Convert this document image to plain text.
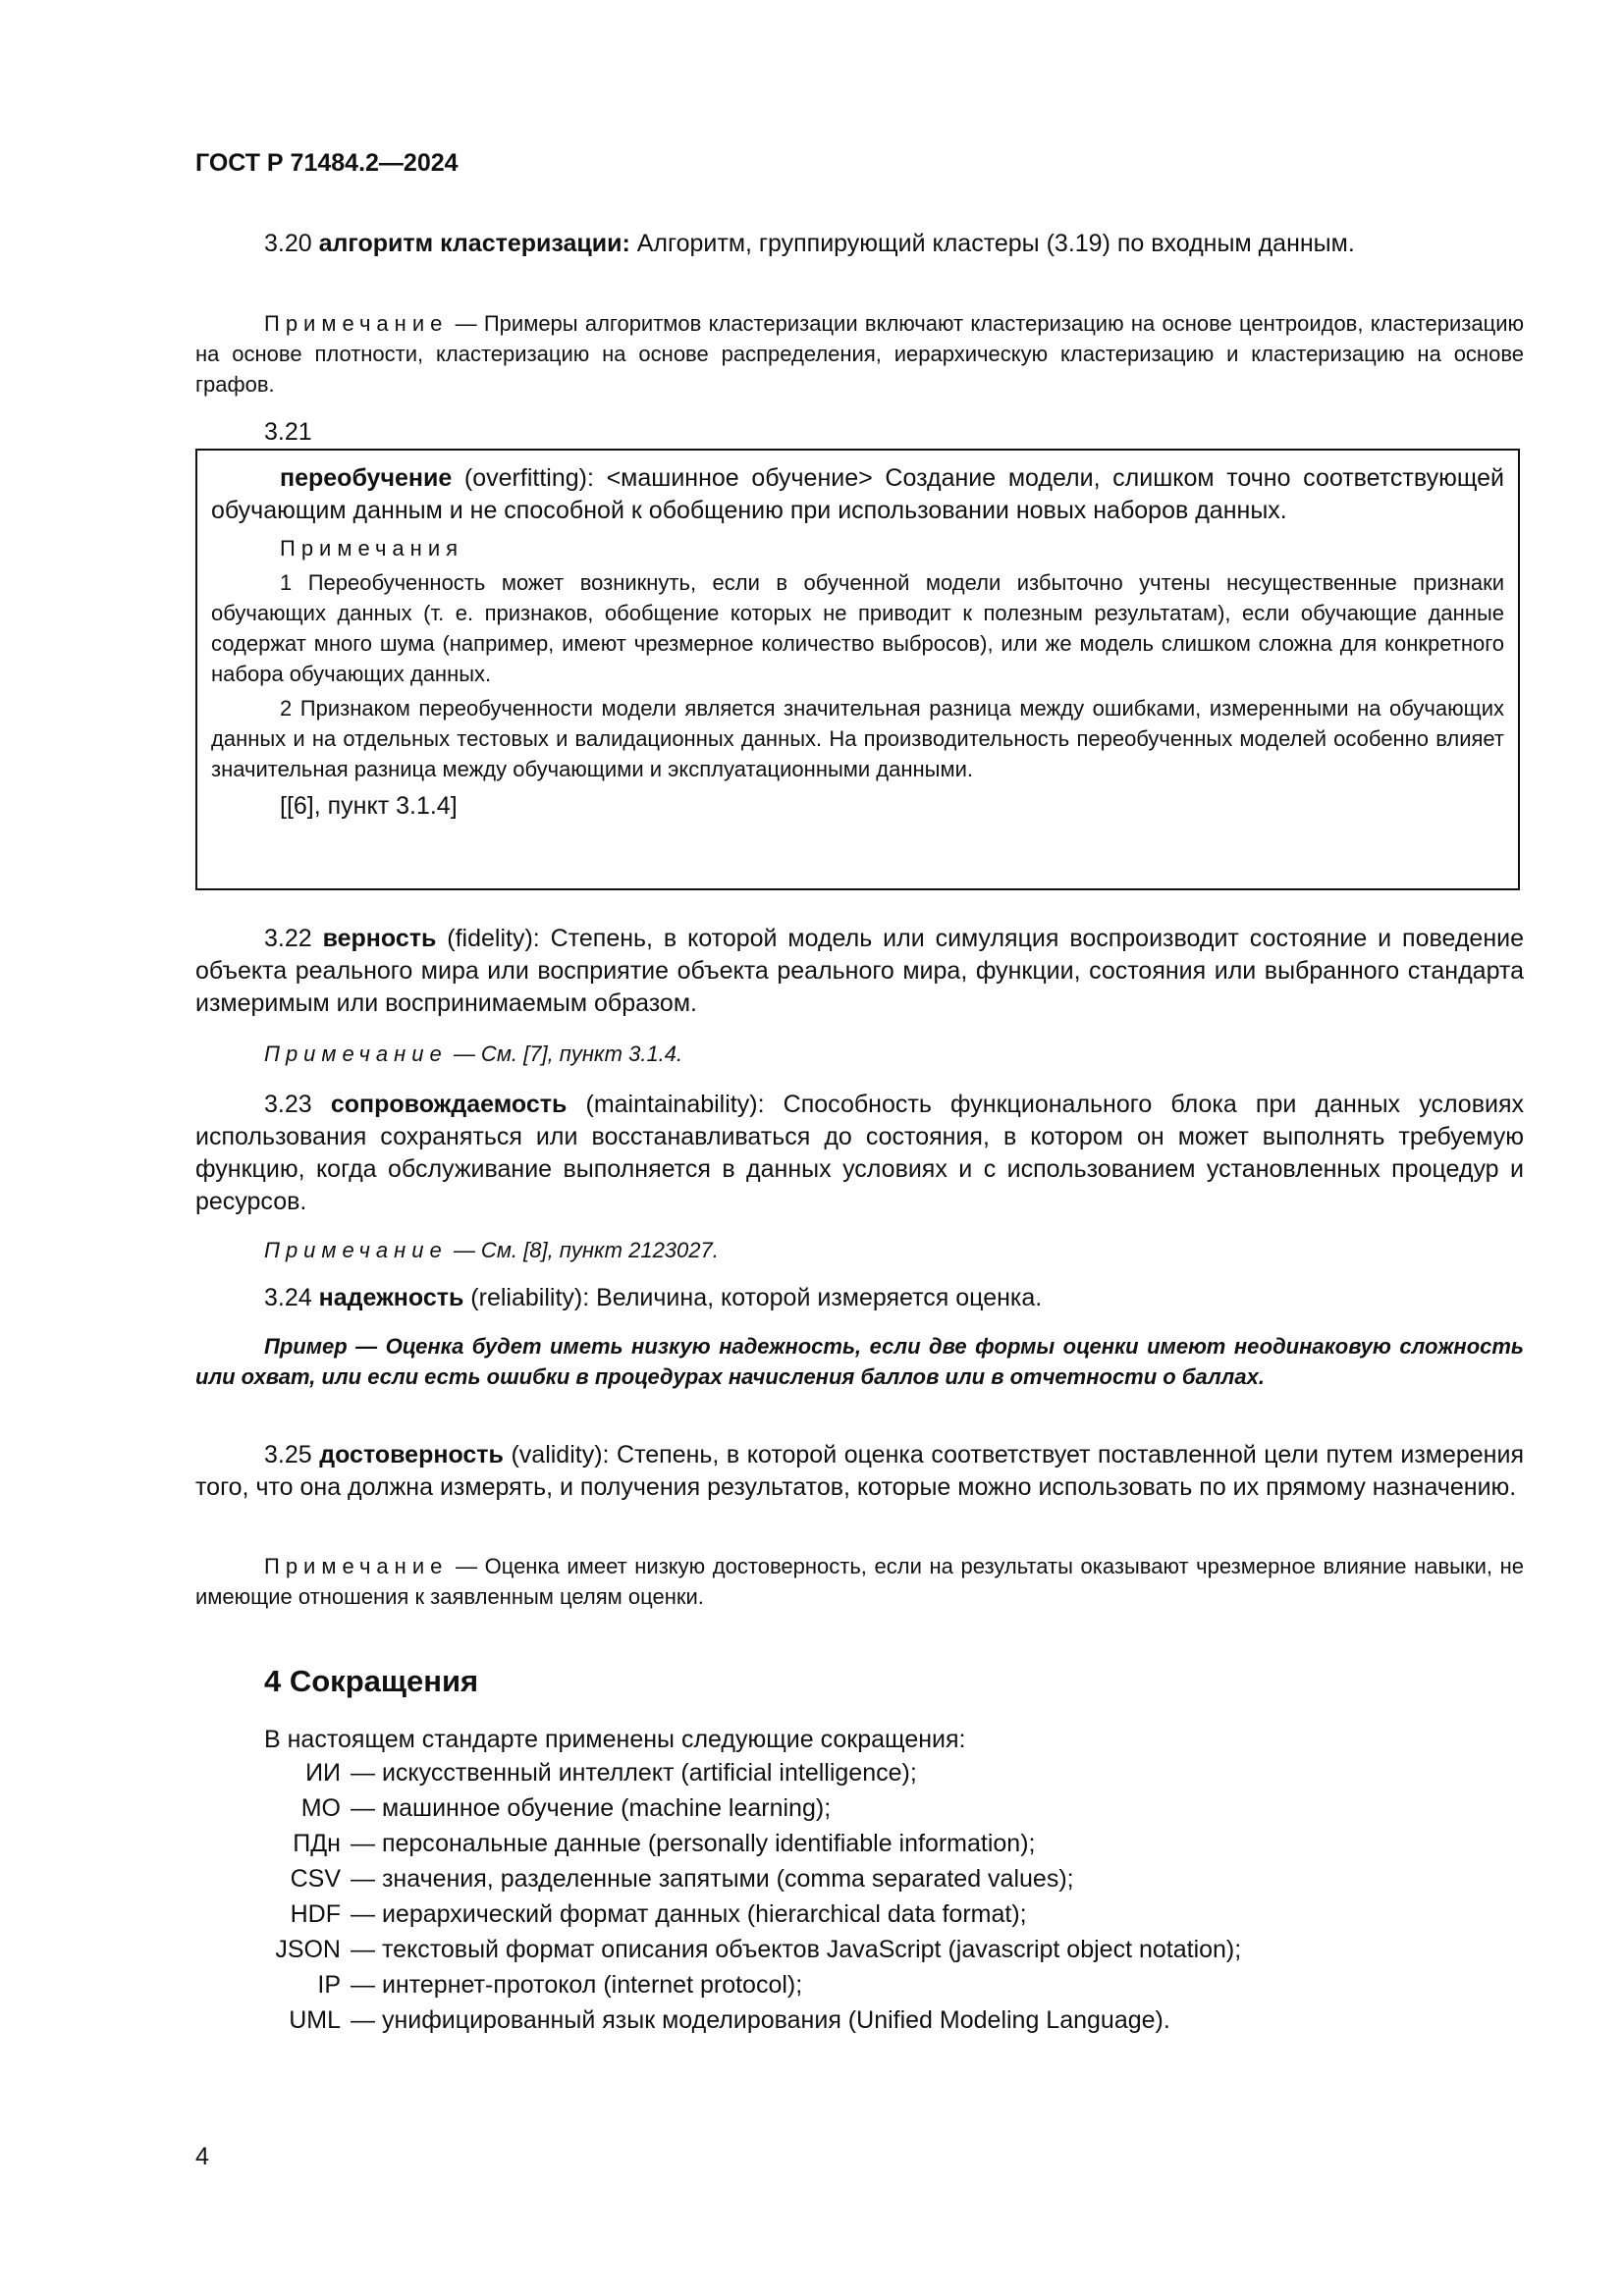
ГОСТ Р 71484.2—2024

3.20 алгоритм кластеризации: Алгоритм, группирующий кластеры (3.19) по входным данным.

Примечание — Примеры алгоритмов кластеризации включают кластеризацию на основе центроидов, кластеризацию на основе плотности, кластеризацию на основе распределения, иерархическую кластеризацию и кластеризацию на основе графов.

3.21

переобучение (overfitting): <машинное обучение> Создание модели, слишком точно соответствующей обучающим данным и не способной к обобщению при использовании новых наборов данных.

Примечания

1 Переобученность может возникнуть, если в обученной модели избыточно учтены несущественные признаки обучающих данных (т. е. признаков, обобщение которых не приводит к полезным результатам), если обучающие данные содержат много шума (например, имеют чрезмерное количество выбросов), или же модель слишком сложна для конкретного набора обучающих данных.

2 Признаком переобученности модели является значительная разница между ошибками, измеренными на обучающих данных и на отдельных тестовых и валидационных данных. На производительность переобученных моделей особенно влияет значительная разница между обучающими и эксплуатационными данными.

[[6], пункт 3.1.4]

3.22 верность (fidelity): Степень, в которой модель или симуляция воспроизводит состояние и поведение объекта реального мира или восприятие объекта реального мира, функции, состояния или выбранного стандарта измеримым или воспринимаемым образом.

Примечание — См. [7], пункт 3.1.4.

3.23 сопровождаемость (maintainability): Способность функционального блока при данных условиях использования сохраняться или восстанавливаться до состояния, в котором он может выполнять требуемую функцию, когда обслуживание выполняется в данных условиях и с использованием установленных процедур и ресурсов.

Примечание — См. [8], пункт 2123027.

3.24 надежность (reliability): Величина, которой измеряется оценка.

Пример — Оценка будет иметь низкую надежность, если две формы оценки имеют неодинаковую сложность или охват, или если есть ошибки в процедурах начисления баллов или в отчетности о баллах.

3.25 достоверность (validity): Степень, в которой оценка соответствует поставленной цели путем измерения того, что она должна измерять, и получения результатов, которые можно использовать по их прямому назначению.

Примечание — Оценка имеет низкую достоверность, если на результаты оказывают чрезмерное влияние навыки, не имеющие отношения к заявленным целям оценки.

4 Сокращения

В настоящем стандарте применены следующие сокращения:

ИИ — искусственный интеллект (artificial intelligence);
МО — машинное обучение (machine learning);
ПДн — персональные данные (personally identifiable information);
CSV — значения, разделенные запятыми (comma separated values);
HDF — иерархический формат данных (hierarchical data format);
JSON — текстовый формат описания объектов JavaScript (javascript object notation);
IP — интернет-протокол (internet protocol);
UML — унифицированный язык моделирования (Unified Modeling Language).
4
